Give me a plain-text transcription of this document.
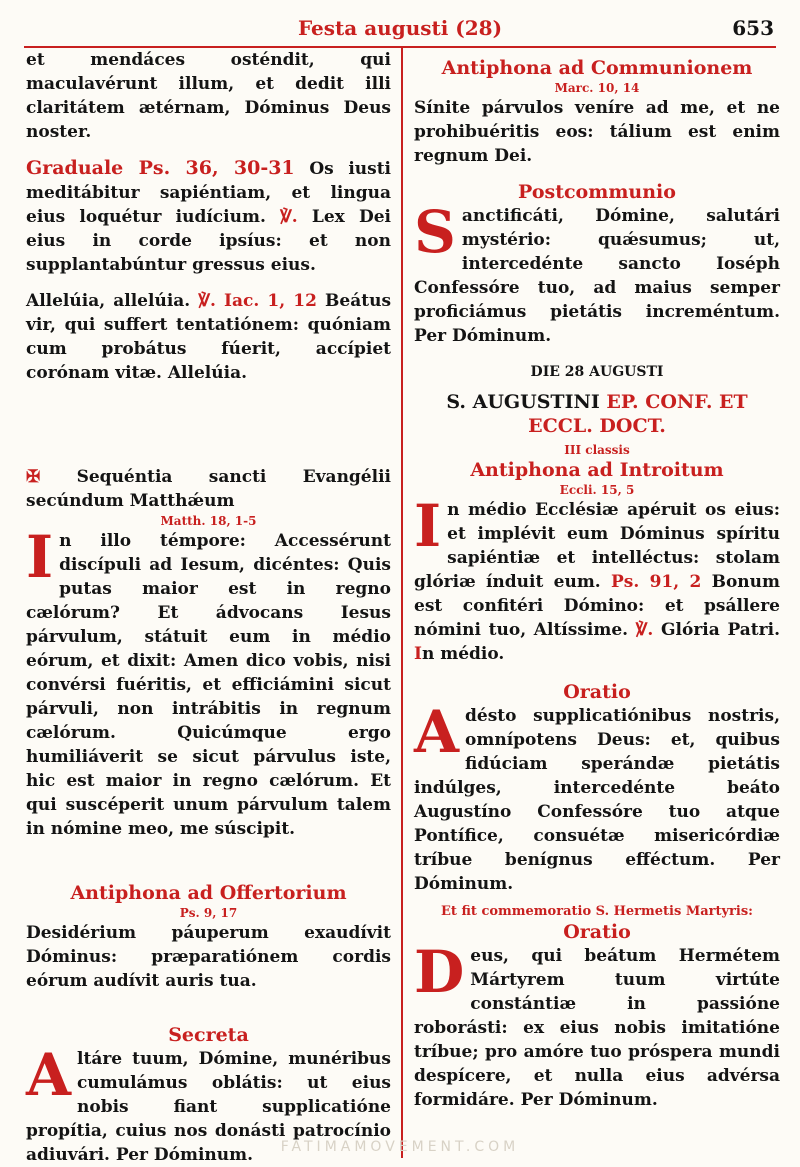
Festa augusti (28)	653

et mendáces osténdit, qui maculavérunt illum, et dedit illi claritátem ætérnam, Dóminus Deus noster.

Graduale Ps. 36, 30-31 Os iusti meditábitur sapiéntiam, et lingua eius loquétur iudícium. ℣. Lex Dei eius in corde ipsíus: et non supplantabúntur gressus eius.

Allelúia, allelúia. ℣. Iac. 1, 12 Beátus vir, qui suffert tentatiónem: quóniam cum probátus fúerit, accípiet corónam vitæ. Allelúia.

✠ Sequéntia sancti Evangélii secúndum Matthǽum

Matth. 18, 1-5

I n illo témpore: Accessérunt discípuli ad Iesum, dicéntes: Quis putas maior est in regno cælórum? Et ádvocans Iesus párvulum, státuit eum in médio eórum, et dixit: Amen dico vobis, nisi convérsi fuéritis, et efficiámini sicut párvuli, non intrábitis in regnum cælórum. Quicúmque ergo humiliáverit se sicut párvulus iste, hic est maior in regno cælórum. Et qui suscéperit unum párvulum talem in nómine meo, me súscipit.

Antiphona ad Offertorium
Ps. 9, 17

Desidérium páuperum exaudívit Dóminus: præparatiónem cordis eórum audívit auris tua.

Secreta

A ltáre tuum, Dómine, munéribus cumulámus oblátis: ut eius nobis fiant supplicatióne propítia, cuius nos donásti patrocínio adiuvári. Per Dóminum.

Antiphona ad Communionem
Marc. 10, 14

Sínite párvulos veníre ad me, et ne prohibuéritis eos: tálium est enim regnum Dei.

Postcommunio

S anctificáti, Dómine, salutári mystério: quǽsumus; ut, intercedénte sancto Ioséph Confessóre tuo, ad maius semper proficiámus pietátis increméntum. Per Dóminum.

DIE 28 AUGUSTI
S. AUGUSTINI EP. CONF. ET ECCL. DOCT.
III classis
Antiphona ad Introitum
Eccli. 15, 5

I n médio Ecclésiæ apéruit os eius: et implévit eum Dóminus spíritu sapiéntiæ et intelléctus: stolam glóriæ índuit eum. Ps. 91, 2 Bonum est confitéri Dómino: et psállere nómini tuo, Altíssime. ℣. Glória Patri. In médio.

Oratio

A désto supplicatiónibus nostris, omnípotens Deus: et, quibus fidúciam sperándæ pietátis indúlges, intercedénte beáto Augustíno Confessóre tuo atque Pontífice, consuétæ misericórdiæ tríbue benígnus efféctum. Per Dóminum.

Et fit commemoratio S. Hermetis Martyris:
Oratio

D eus, qui beátum Hermétem Mártyrem tuum virtúte constántiæ in passióne roborásti: ex eius nobis imitatióne tríbue; pro amóre tuo próspera mundi despícere, et nulla eius advérsa formidáre. Per Dóminum.

FATIMAMOVEMENT.COM
